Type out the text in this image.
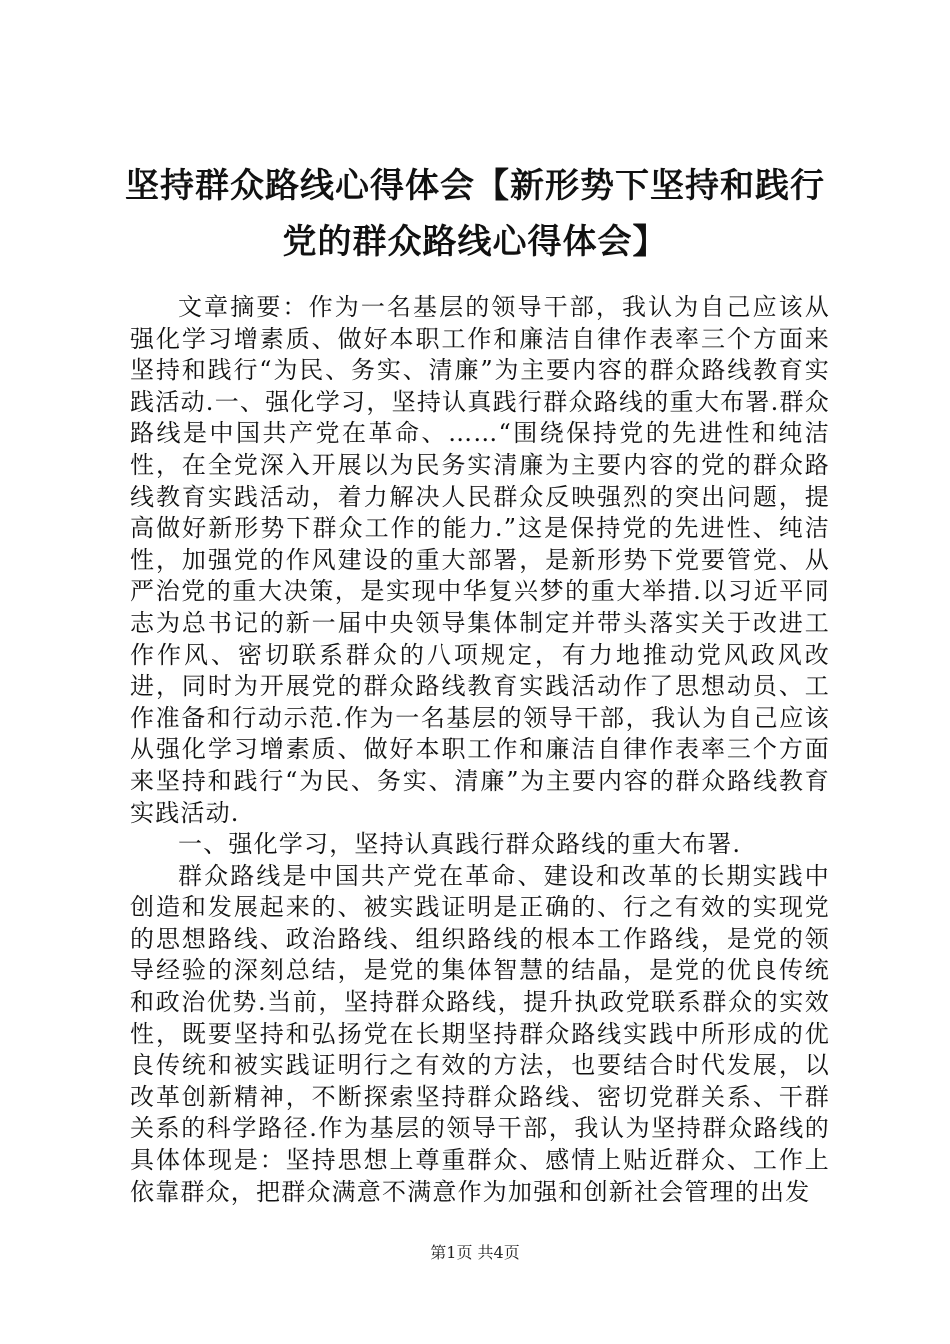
坚持群众路线心得体会【新形势下坚持和践行党的群众路线心得体会】

文章摘要：作为一名基层的领导干部，我认为自己应该从强化学习增素质、做好本职工作和廉洁自律作表率三个方面来坚持和践行“为民、务实、清廉”为主要内容的群众路线教育实践活动.一、强化学习，坚持认真践行群众路线的重大布署.群众路线是中国共产党在革命、……“围绕保持党的先进性和纯洁性，在全党深入开展以为民务实清廉为主要内容的党的群众路线教育实践活动，着力解决人民群众反映强烈的突出问题，提高做好新形势下群众工作的能力.”这是保持党的先进性、纯洁性，加强党的作风建设的重大部署，是新形势下党要管党、从严治党的重大决策，是实现中华复兴梦的重大举措.以习近平同志为总书记的新一届中央领导集体制定并带头落实关于改进工作作风、密切联系群众的八项规定，有力地推动党风政风改进，同时为开展党的群众路线教育实践活动作了思想动员、工作准备和行动示范.作为一名基层的领导干部，我认为自己应该从强化学习增素质、做好本职工作和廉洁自律作表率三个方面来坚持和践行“为民、务实、清廉”为主要内容的群众路线教育实践活动.

一、强化学习，坚持认真践行群众路线的重大布署.

群众路线是中国共产党在革命、建设和改革的长期实践中创造和发展起来的、被实践证明是正确的、行之有效的实现党的思想路线、政治路线、组织路线的根本工作路线，是党的领导经验的深刻总结，是党的集体智慧的结晶，是党的优良传统和政治优势.当前，坚持群众路线，提升执政党联系群众的实效性，既要坚持和弘扬党在长期坚持群众路线实践中所形成的优良传统和被实践证明行之有效的方法，也要结合时代发展，以改革创新精神，不断探索坚持群众路线、密切党群关系、干群关系的科学路径.作为基层的领导干部，我认为坚持群众路线的具体体现是：坚持思想上尊重群众、感情上贴近群众、工作上依靠群众，把群众满意不满意作为加强和创新社会管理的出发

第1页 共4页
